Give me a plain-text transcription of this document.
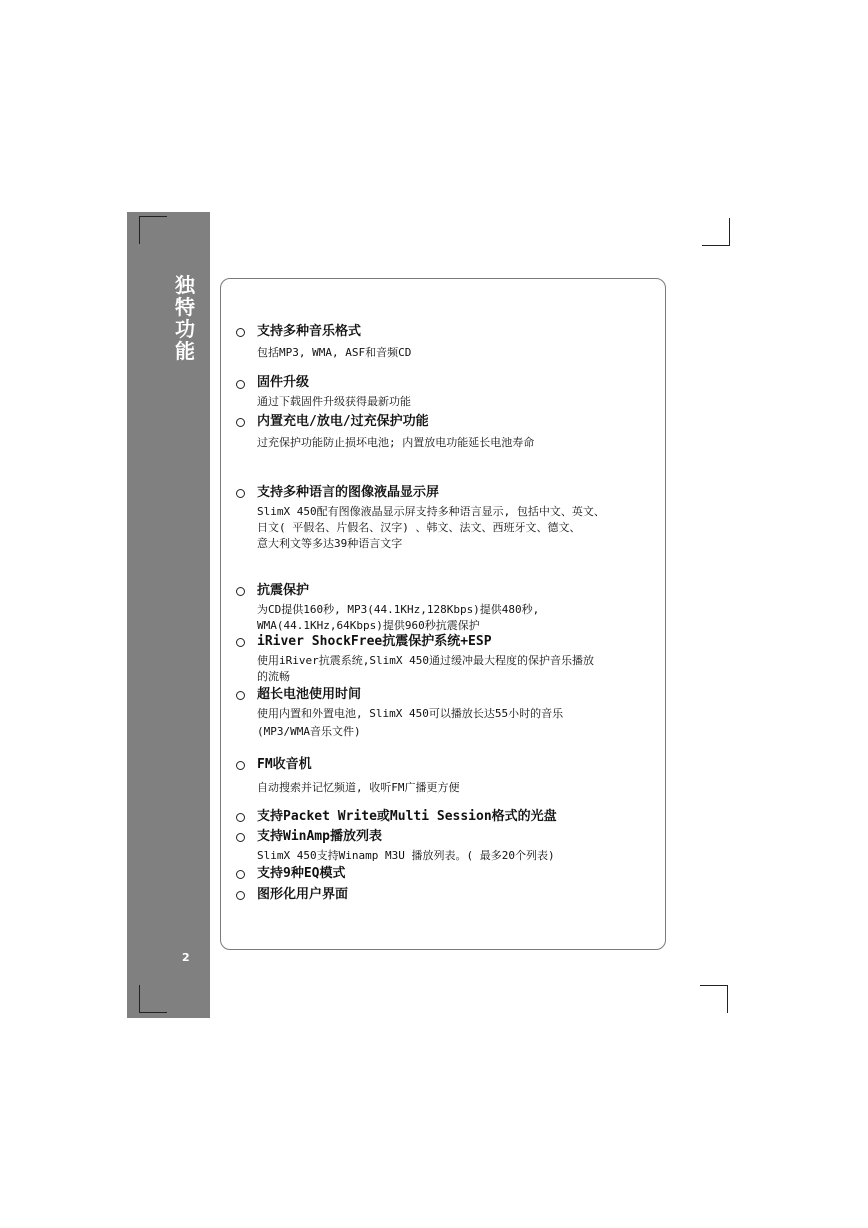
独
特
功
能
2
支持多种音乐格式
包括MP3, WMA, ASF和音频CD
固件升级
通过下载固件升级获得最新功能
内置充电/放电/过充保护功能
过充保护功能防止损坏电池; 内置放电功能延长电池寿命
支持多种语言的图像液晶显示屏
SlimX 450配有图像液晶显示屏支持多种语言显示, 包括中文、英文、
日文( 平假名、片假名、汉字) 、韩文、法文、西班牙文、德文、
意大利文等多达39种语言文字
抗震保护
为CD提供160秒, MP3(44.1KHz,128Kbps)提供480秒,
WMA(44.1KHz,64Kbps)提供960秒抗震保护
iRiver ShockFree抗震保护系统+ESP
使用iRiver抗震系统,SlimX 450通过缓冲最大程度的保护音乐播放
的流畅
超长电池使用时间
使用内置和外置电池, SlimX 450可以播放长达55小时的音乐
(MP3/WMA音乐文件)
FM收音机
自动搜索并记忆频道, 收听FM广播更方便
支持Packet Write或Multi Session格式的光盘
支持WinAmp播放列表
SlimX 450支持Winamp M3U 播放列表。( 最多20个列表)
支持9种EQ模式
图形化用户界面
